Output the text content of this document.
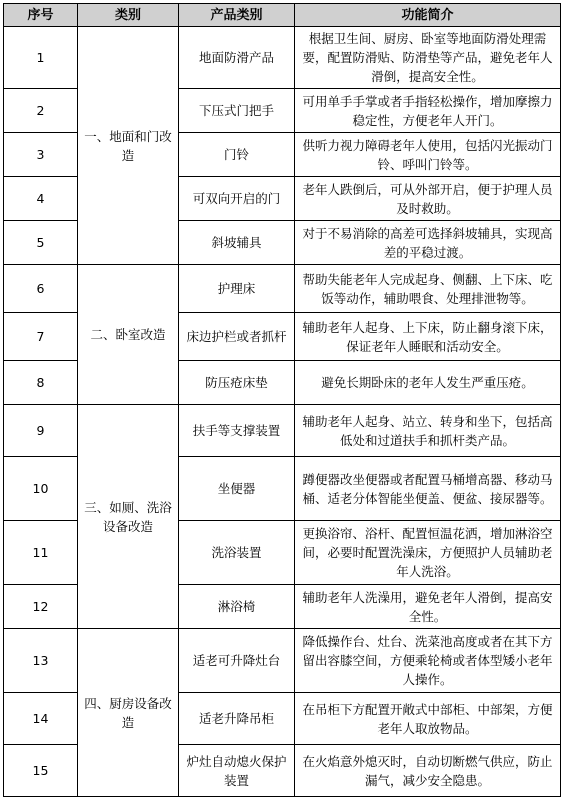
序号	类别	产品类别	功能简介
1	一、地面和门改造	地面防滑产品	根据卫生间、厨房、卧室等地面防滑处理需要，配置防滑贴、防滑垫等产品，避免老年人滑倒，提高安全性。
2		下压式门把手	可用单手手掌或者手指轻松操作，增加摩擦力稳定性，方便老年人开门。
3		门铃	供听力视力障碍老年人使用，包括闪光振动门铃、呼叫门铃等。
4		可双向开启的门	老年人跌倒后，可从外部开启，便于护理人员及时救助。
5		斜坡辅具	对于不易消除的高差可选择斜坡辅具，实现高差的平稳过渡。
6	二、卧室改造	护理床	帮助失能老年人完成起身、侧翻、上下床、吃饭等动作，辅助喂食、处理排泄物等。
7		床边护栏或者抓杆	辅助老年人起身、上下床，防止翻身滚下床，保证老年人睡眠和活动安全。
8		防压疮床垫	避免长期卧床的老年人发生严重压疮。
9	三、如厕、洗浴设备改造	扶手等支撑装置	辅助老年人起身、站立、转身和坐下，包括高低处和过道扶手和抓杆类产品。
10		坐便器	蹲便器改坐便器或者配置马桶增高器、移动马桶、适老分体智能坐便盖、便盆、接尿器等。
11		洗浴装置	更换浴帘、浴杆、配置恒温花洒，增加淋浴空间，必要时配置洗澡床，方便照护人员辅助老年人洗浴。
12		淋浴椅	辅助老年人洗澡用，避免老年人滑倒，提高安全性。
13	四、厨房设备改造	适老可升降灶台	降低操作台、灶台、洗菜池高度或者在其下方留出容膝空间，方便乘轮椅或者体型矮小老年人操作。
14		适老升降吊柜	在吊柜下方配置开敞式中部柜、中部架，方便老年人取放物品。
15		炉灶自动熄火保护装置	在火焰意外熄灭时，自动切断燃气供应，防止漏气，减少安全隐患。
